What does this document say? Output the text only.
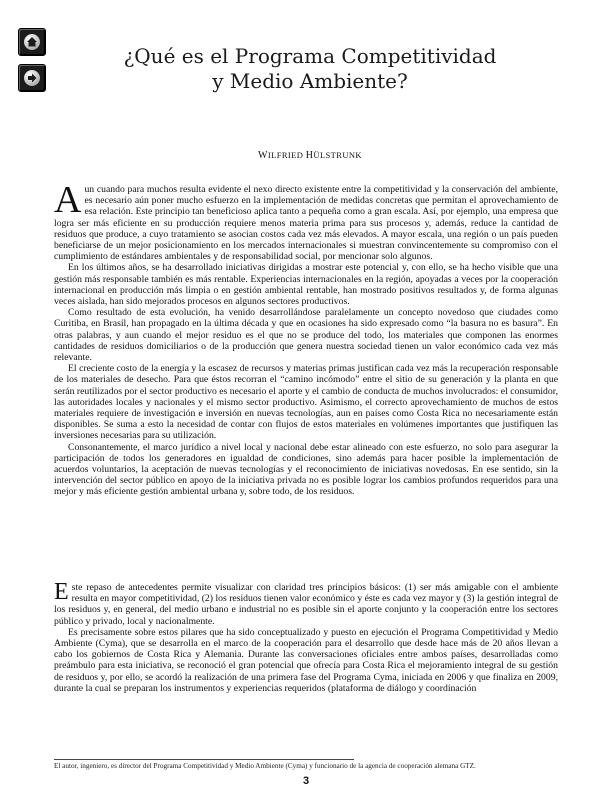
¿Qué es el Programa Competitividad
y Medio Ambiente?
WILFRIED HÜLSTRUNK

Aun cuando para muchos resulta evidente el nexo directo existente entre la competitividad y la conservación del ambiente, es necesario aún poner mucho esfuerzo en la implementación de medidas concretas que permitan el aprovechamiento de esa relación. Este principio tan beneficioso aplica tanto a pequeña como a gran escala. Así, por ejemplo, una empresa que logra ser más eficiente en su producción requiere menos materia prima para sus procesos y, además, reduce la cantidad de residuos que produce, a cuyo tratamiento se asocian costos cada vez más elevados. A mayor escala, una región o un país pueden beneficiarse de un mejor posicionamiento en los mercados internacionales si muestran convincentemente su compromiso con el cumplimiento de estándares ambientales y de responsabilidad social, por mencionar solo algunos.

En los últimos años, se ha desarrollado iniciativas dirigidas a mostrar este potencial y, con ello, se ha hecho visible que una gestión más responsable también es más rentable. Experiencias internacionales en la región, apoyadas a veces por la cooperación internacional en producción más limpia o en gestión ambiental rentable, han mostrado positivos resultados y, de forma algunas veces aislada, han sido mejorados procesos en algunos sectores productivos.

Como resultado de esta evolución, ha venido desarrollándose paralelamente un concepto novedoso que ciudades como Curitiba, en Brasil, han propagado en la última década y que en ocasiones ha sido expresado como “la basura no es basura”. En otras palabras, y aun cuando el mejor residuo es el que no se produce del todo, los materiales que componen las enormes cantidades de residuos domiciliarios o de la producción que genera nuestra sociedad tienen un valor económico cada vez más relevante.

El creciente costo de la energía y la escasez de recursos y materias primas justifican cada vez más la recuperación responsable de los materiales de desecho. Para que éstos recorran el “camino incómodo” entre el sitio de su generación y la planta en que serán reutilizados por el sector productivo es necesario el aporte y el cambio de conducta de muchos involucrados: el consumidor, las autoridades locales y nacionales y el mismo sector productivo. Asimismo, el correcto aprovechamiento de muchos de estos materiales requiere de investigación e inversión en nuevas tecnologías, aun en países como Costa Rica no necesariamente están disponibles. Se suma a esto la necesidad de contar con flujos de estos materiales en volúmenes importantes que justifiquen las inversiones necesarias para su utilización.

Consonantemente, el marco jurídico a nivel local y nacional debe estar alineado con este esfuerzo, no solo para asegurar la participación de todos los generadores en igualdad de condiciones, sino además para hacer posible la implementación de acuerdos voluntarios, la aceptación de nuevas tecnologías y el reconocimiento de iniciativas novedosas. En ese sentido, sin la intervención del sector público en apoyo de la iniciativa privada no es posible lograr los cambios profundos requeridos para una mejor y más eficiente gestión ambiental urbana y, sobre todo, de los residuos.

Este repaso de antecedentes permite visualizar con claridad tres principios básicos: (1) ser más amigable con el ambiente resulta en mayor competitividad, (2) los residuos tienen valor económico y éste es cada vez mayor y (3) la gestión integral de los residuos y, en general, del medio urbano e industrial no es posible sin el aporte conjunto y la cooperación entre los sectores público y privado, local y nacionalmente.

Es precisamente sobre estos pilares que ha sido conceptualizado y puesto en ejecución el Programa Competitividad y Medio Ambiente (Cyma), que se desarrolla en el marco de la cooperación para el desarrollo que desde hace más de 20 años llevan a cabo los gobiernos de Costa Rica y Alemania. Durante las conversaciones oficiales entre ambos países, desarrolladas como preámbulo para esta iniciativa, se reconoció el gran potencial que ofrecía para Costa Rica el mejoramiento integral de su gestión de residuos y, por ello, se acordó la realización de una primera fase del Programa Cyma, iniciada en 2006 y que finaliza en 2009, durante la cual se preparan los instrumentos y experiencias requeridos (plataforma de diálogo y coordinación

El autor, ingeniero, es director del Programa Competitividad y Medio Ambiente (Cyma) y funcionario de la agencia de cooperación alemana GTZ.
3
